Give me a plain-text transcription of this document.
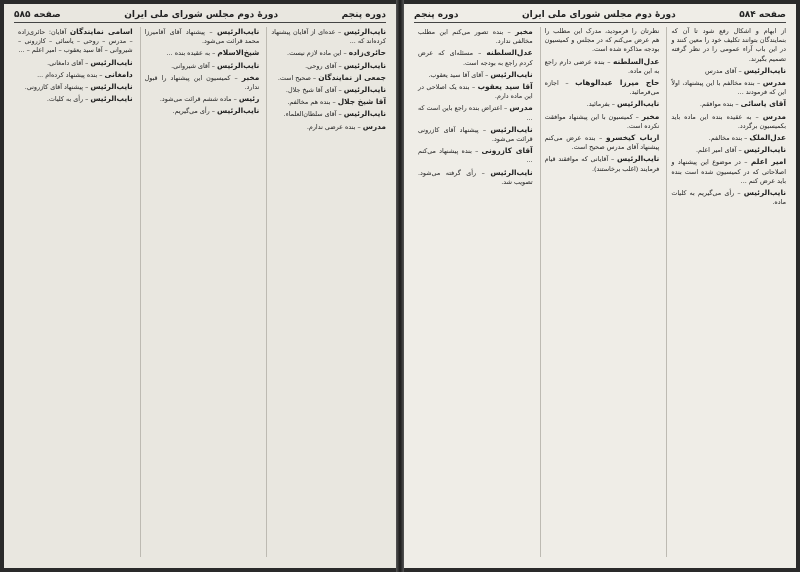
دوره پنجم
دورهٔ دوم مجلس شورای ملی ایران
صفحه ۵۸۵
نایب‌الرئیس – عده‌ای از آقایان پیشنهاد کرده‌اند که ...
حائری‌زاده – این ماده لازم نیست.
نایب‌الرئیس – آقای روحی.
جمعی از نمایندگان – صحیح است.
نایب‌الرئیس – آقای آقا شیخ جلال.
آقا شیخ جلال – بنده هم مخالفم.
نایب‌الرئیس – آقای سلطان‌العلماء.
مدرس – بنده عرضی ندارم.
نایب‌الرئیس – پیشنهاد آقای آقامیرزا محمد قرائت می‌شود.
شیخ‌الاسلام – به عقیده بنده ...
نایب‌الرئیس – آقای شیروانی.
مخبر – کمیسیون این پیشنهاد را قبول ندارد.
رئیس – ماده ششم قرائت می‌شود.
نایب‌الرئیس – رأی می‌گیریم.
اسامی نمایندگان آقایان: حائری‌زاده – مدرس – روحی – یاسائی – کازرونی – شیروانی – آقا سید یعقوب – امیر اعلم – ...
نایب‌الرئیس – آقای دامغانی.
دامغانی – بنده پیشنهاد کرده‌ام ...
نایب‌الرئیس – پیشنهاد آقای کازرونی.
نایب‌الرئیس – رأی به کلیات.
صفحه ۵۸۴
دورهٔ دوم مجلس شورای ملی ایران
دوره پنجم
از ابهام و اشکال رفع شود تا آن که بنمایندگان بتوانند تکلیف خود را معین کنند و در این باب آراء عمومی را در نظر گرفته تصمیم بگیرند.
نایب‌الرئیس – آقای مدرس
مدرس – بنده مخالفم با این پیشنهاد، اولاً این که فرمودند ...
آقای یاسائی – بنده موافقم.
مدرس – به عقیده بنده این ماده باید بکمیسیون برگردد.
عدل‌الملک – بنده مخالفم.
نایب‌الرئیس – آقای امیر اعلم.
امیر اعلم – در موضوع این پیشنهاد و اصلاحاتی که در کمیسیون شده است بنده باید عرض کنم ...
نایب‌الرئیس – رأی می‌گیریم به کلیات ماده.
نظرتان را فرمودید، مدرک این مطلب را هم عرض می‌کنم که در مجلس و کمیسیون بودجه مذاکره شده است.
عدل‌السلطنه – بنده عرضی دارم راجع به این ماده.
حاج میرزا عبدالوهاب – اجازه می‌فرمائید.
نایب‌الرئیس – بفرمائید.
مخبر – کمیسیون با این پیشنهاد موافقت نکرده است.
ارباب کیخسرو – بنده عرض می‌کنم پیشنهاد آقای مدرس صحیح است.
نایب‌الرئیس – آقایانی که موافقند قیام فرمایند (اغلب برخاستند).
مخبر – بنده تصور می‌کنم این مطلب مخالفی ندارد.
عدل‌السلطنه – مسئله‌ای که عرض کردم راجع به بودجه است.
نایب‌الرئیس – آقای آقا سید یعقوب.
آقا سید یعقوب – بنده یک اصلاحی در این ماده دارم.
مدرس – اعتراض بنده راجع باین است که ...
نایب‌الرئیس – پیشنهاد آقای کازرونی قرائت می‌شود.
آقای کازرونی – بنده پیشنهاد می‌کنم ...
نایب‌الرئیس – رأی گرفته می‌شود. تصویب شد.
